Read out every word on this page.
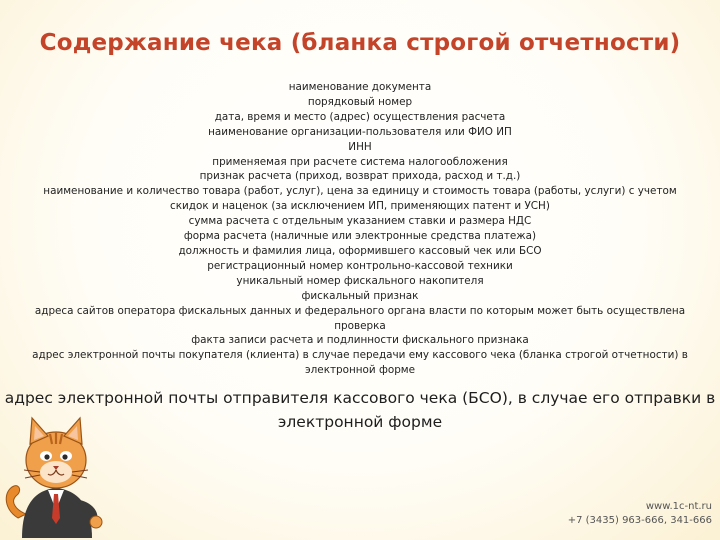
Содержание чека (бланка строгой отчетности)
наименование документа
порядковый номер
дата, время и место (адрес) осуществления расчета
наименование организации-пользователя или ФИО ИП
ИНН
применяемая при расчете система налогообложения
признак расчета (приход, возврат прихода, расход и т.д.)
наименование и количество товара (работ, услуг), цена за единицу и стоимость товара (работы, услуги) с учетом скидок и наценок (за исключением ИП, применяющих патент и УСН)
сумма расчета с отдельным указанием ставки и размера НДС
форма расчета (наличные или электронные средства платежа)
должность и фамилия лица, оформившего кассовый чек или БСО
регистрационный номер контрольно-кассовой техники
уникальный номер фискального накопителя
фискальный признак
адреса сайтов оператора фискальных данных и федерального органа власти по которым может быть осуществлена проверка
факта записи расчета и подлинности фискального признака
адрес электронной почты покупателя (клиента) в случае передачи ему кассового чека (бланка строгой отчетности) в электронной форме
адрес электронной почты отправителя кассового чека (БСО), в случае его отправки в электронной форме
www.1c-nt.ru
+7 (3435) 963-666, 341-666
